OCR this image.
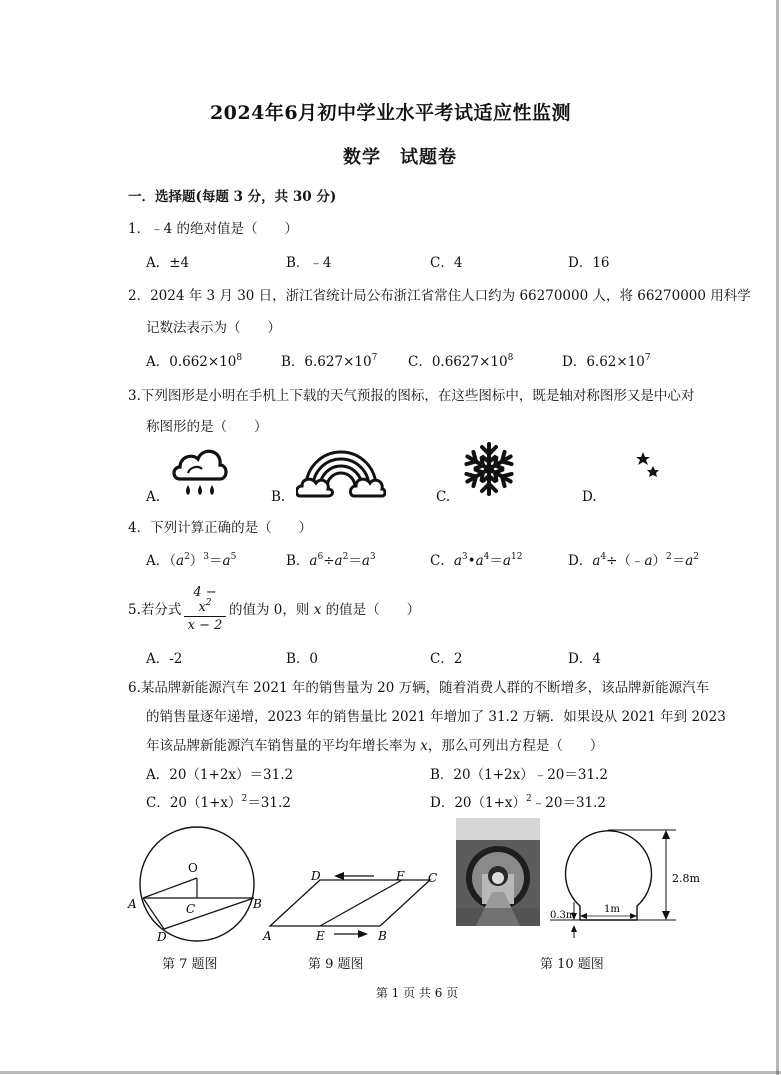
2024年6月初中学业水平考试适应性监测
数学　试题卷
一．选择题(每题 3 分，共 30 分)
1．﹣4 的绝对值是（　　）
A．±4	B．﹣4	C．4	D．16
2．2024 年 3 月 30 日，浙江省统计局公布浙江省常住人口约为 66270000 人，将 66270000 用科学
记数法表示为（　　）
A．$0.662\times 10^8$	B．$6.627\times 10^7$ C．$0.6627\times 10^8$	D．$6.62\times 10^7$
3.下列图形是小明在手机上下载的天气预报的图标，在这些图标中，既是轴对称图形又是中心对
称图形的是（　　）
A.	B.	C.	D.
4．下列计算正确的是（　　）
A．$(a^2)^3=a^5$	B．$a^6\div a^2=a^3$	C．$a^3•a^4=a^{12}$	D．$a^4\div(﹣a)^2=a^2$
5.若分式
$4 - x^2$
x − 2
的值为 0，则 x 的值是（　　）
A．-2	B．0	C．2	D．4
6.某品牌新能源汽车 2021 年的销售量为 20 万辆，随着消费人群的不断增多，该品牌新能源汽车
的销售量逐年递增，2023 年的销售量比 2021 年增加了 31.2 万辆．如果设从 2021 年到 2023
年该品牌新能源汽车销售量的平均年增长率为 x，那么可列出方程是（　　）
A．20（1+2x）＝31.2	B．20（1+2x）﹣20＝31.2
C．$20(1+x)^2=31.2$	D．$20(1+x)^2﹣20=31.2$
O
A	B
C
D
第 7 题图
D	F C
A	E	B
第 9 题图
2.8m
1m
0.3m
第 10 题图
第 1 页 共 6 页
